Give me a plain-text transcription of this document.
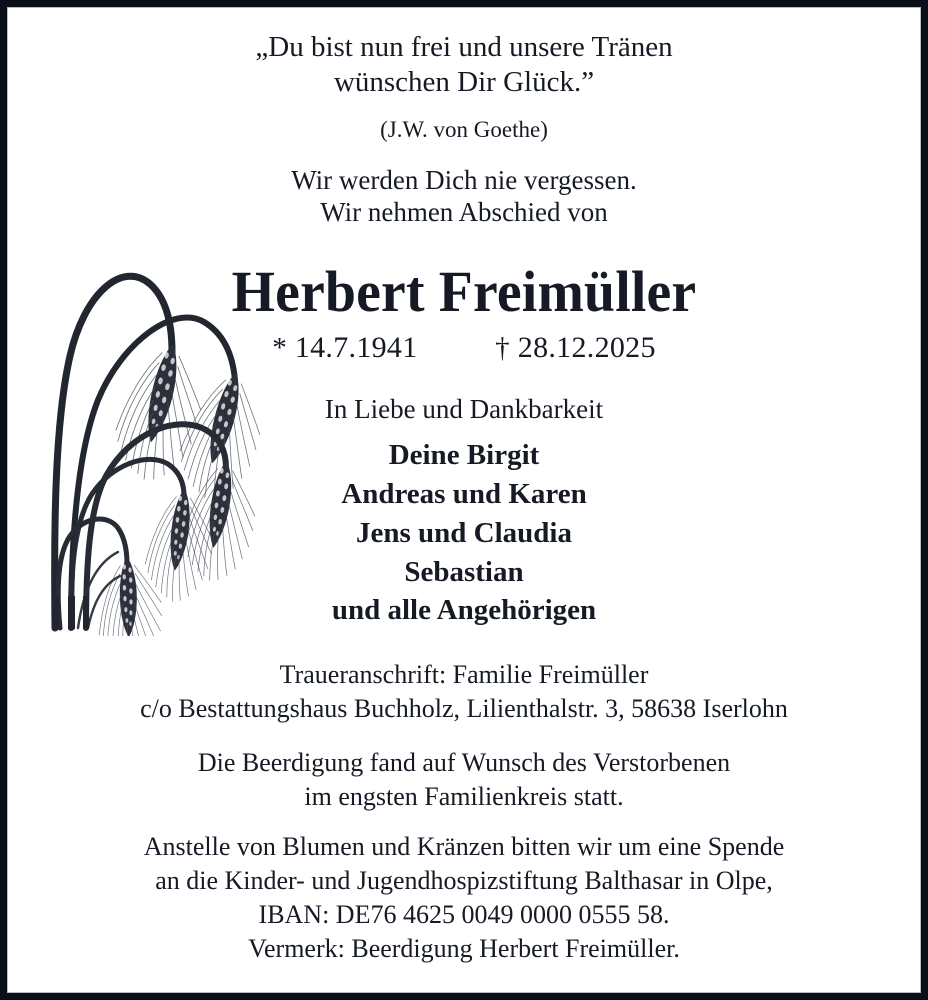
„Du bist nun frei und unsere Tränen
wünschen Dir Glück.”
(J.W. von Goethe)
Wir werden Dich nie vergessen.
Wir nehmen Abschied von
Herbert Freimüller
* 14.7.1941	† 28.12.2025
In Liebe und Dankbarkeit
Deine Birgit
Andreas und Karen
Jens und Claudia
Sebastian
und alle Angehörigen
Traueranschrift: Familie Freimüller
c/o Bestattungshaus Buchholz, Lilienthalstr. 3, 58638 Iserlohn
Die Beerdigung fand auf Wunsch des Verstorbenen
im engsten Familienkreis statt.
Anstelle von Blumen und Kränzen bitten wir um eine Spende
an die Kinder- und Jugendhospizstiftung Balthasar in Olpe,
IBAN: DE76 4625 0049 0000 0555 58.
Vermerk: Beerdigung Herbert Freimüller.
